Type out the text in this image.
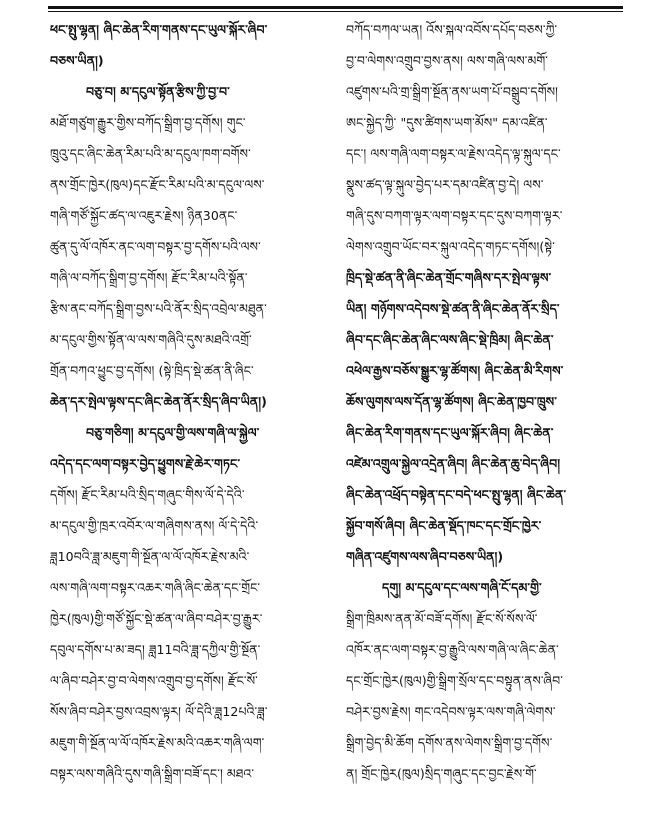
ཕང་སྤུ་ལྷན། ཞིང་ཆེན་རིག་གནས་དང་ཡུལ་སྐོར་ཞིབ་
བཅས་ཡིན།)
བཅུ་བ། མ་དངུལ་སྟོན་རྩིས་ཀྱི་བྱ་བ་
མཐོ་གཙུག་རྒྱུར་གྱིས་བཀོད་སྒྲིག་བྱ་དགོས། གུང་
ཁྲུའུ་དང་ཞིང་ཆེན་རིམ་པའི་མ་དངུལ་ཁག་བགོས་
ནས་གྲོང་ཁྱེར(ཁུལ)དང་རྫོང་རིམ་པའི་མ་དངུལ་ལས་
གཞི་གཙོ་སྐྱོང་ཚད་ལ་འཇུར་རྗེས། ཉིན30ནང་
ཚུན་དུ་ལོ་འཁོར་ནང་ལག་བསྟར་བྱ་དགོས་པའི་ལས་
གཞི་ལ་བཀོད་སྒྲིག་བྱ་དགོས། རྫོང་རིམ་པའི་སྟོན་
རྩིས་ནང་བཀོད་སྒྲིག་བྱས་པའི་ནོར་སྲིད་འབྲེལ་མཐུན་
མ་དངུལ་གྱིས་སྟོན་ལ་ལས་གཞིའི་དུས་མཐའི་འགྲོ་
གྲོན་བཀའ་ཕྱུང་བྱ་དགོས། (སྟེ་ཁྲིད་སྡེ་ཚན་ནི་ཞིང་
ཆེན་དར་སྤེལ་ལྟས་དང་ཞིང་ཆེན་ནོར་སྲིད་ཞིབ་ཡིན།)
བཅུ་གཅིག། མ་དངུལ་གྱི་ལས་གཞི་ལ་སྐྱེལ་
འདེད་དང་ལག་བསྟར་བྱེད་ཕྱུགས་རྗེ་ཆེར་གཏང་
དགོས། རྫོང་རིམ་པའི་སྲིད་གཞུང་གིས་ལོ་དེ་དེའི་
མ་དངུལ་གྱི་ཁྲར་འབོར་ལ་གཞིགས་ནས། ལོ་དེ་དེའི་
ཟླ10བའི་ཟླ་མཇུག་གི་སྔོན་ལ་ལོ་འཁོར་རྗེས་མའི་
ལས་གཞི་ལག་བསྟར་འཆར་གཞི་ཞིང་ཆེན་དང་གྲོང་
ཁྱེར(ཁུལ)གྱི་གཙོ་སྐྱོང་སྡེ་ཚན་ལ་ཞིབ་བཤེར་བྱ་རྒྱུར་
དབུལ་དགོས་པ་མ་ཟད། ཟླ11བའི་ཟླ་དཀྱིལ་གྱི་སྔོན་
ལ་ཞིབ་བཤེར་བྱ་བ་ལེགས་འགྲུབ་བྱ་དགོས། རྫོང་སོ་
སོས་ཞིབ་བཤེར་བྱས་འབྲས་ལྟར། ལོ་དེའི་ཟླ12པའི་ཟླ་
མཇུག་གི་སྔོན་ལ་ལོ་འཁོར་རྗེས་མའི་འཆར་གཞི་ལག་
བསྟར་ལས་གཞིའི་དུས་གཞི་སྒྲིག་བཟོ་དང་། མཐའ་
བཀོད་བཀལ་ཡན། འོས་སྐལ་འབོས་དཔོད་བཅས་ཀྱི་
བྱ་བ་ལེགས་འགྲུབ་བྱས་ནས། ལས་གཞི་ལས་མགོ་
འཛུགས་པའི་གྲ་སྒྲིག་སྔོན་ནས་ཡག་པོ་བསྒྲུབ་དགོས།
ཨང་སྐྱེད་ཀྱི་ "དུས་ཚིགས་ཡག་མོས" དམ་འཛིན་
དང་། ལས་གཞི་ལག་བསྟར་ལ་རྗེས་འདེད་ལྟ་སྐུལ་དང་
སྣུས་ཚད་ལྟ་སྐུལ་བྱེད་པར་དམ་འཛིན་བྱ་དེ། ལས་
གཞི་དུས་བཀག་ལྟར་ལག་བསྟར་དང་དུས་བཀག་ལྟར་
ལེགས་འགྲུབ་ཡོང་བར་སྐུལ་འདེད་གཏང་དགོས།(སྟེ་
ཁྲིད་སྡེ་ཚན་ནི་ཞིང་ཆེན་གྲོང་གཞིས་དར་སྤེལ་ལྟས་
ཡིན། གཉོགས་འདེབས་སྡེ་ཚན་ནི་ཞིང་ཆེན་ནོར་སྲིད་
ཞིབ་དང་ཞིང་ཆེན་ཞིང་ལས་ཞིང་སྡེ་ཁྲིམ། ཞིང་ཆེན་
འཕེལ་རྒྱས་བཅོས་སྒྱུར་ལྷ་ཚོགས། ཞིང་ཆེན་མི་རིགས་
ཆོས་ལུགས་ལས་དོན་ལྷ་ཚོགས། ཞིང་ཆེན་ཁྱབ་ཁྲུས་
ཞིང་ཆེན་རིག་གནས་དང་ཡུལ་སྐོར་ཞིབ། ཞིང་ཆེན་
འཛེམ་འགྲུལ་སྐྱེལ་འདྲེན་ཞིབ། ཞིང་ཆེན་ཆུ་བེད་ཞིབ།
ཞིང་ཆེན་འཕྲོད་བསྟེན་དང་བདེ་ཕང་སྤུ་ལྷན། ཞིང་ཆེན་
སྐྱོབ་གསོ་ཞིབ། ཞིང་ཆེན་སྡོད་ཁང་དང་གྲོང་ཁྱེར་
གཞིན་འཛུགས་ལས་ཞིབ་བཅས་ཡིན།)
དགུ། མ་དངུལ་དང་ལས་གཞི་ངོ་དམ་གྱི་
སྒྲིག་ཁྲིམས་ནན་མོ་བཟོ་དགོས། རྫོང་སོ་སོས་ལོ་
འཁོར་ནང་ལག་བསྟར་བྱ་རྒྱུའི་ལས་གཞི་ལ་ཞིང་ཆེན་
དང་གྲོང་ཁྱེར(ཁུལ)གྱི་སྒྲིག་སྲོལ་དང་བསྟུན་ནས་ཞིབ་
བཤེར་བྱས་རྗེས། གང་འདེབས་ལྟར་ལས་གཞི་ལེགས་
སྒྲིག་བྱེད་མི་ཆོག དགོས་ནས་ལེགས་སྒྲིག་བྱ་དགོས་
ན། གྲོང་ཁྱེར(ཁུལ)སྲིད་གཞུང་དང་བྱང་རྗེས་གོ་
